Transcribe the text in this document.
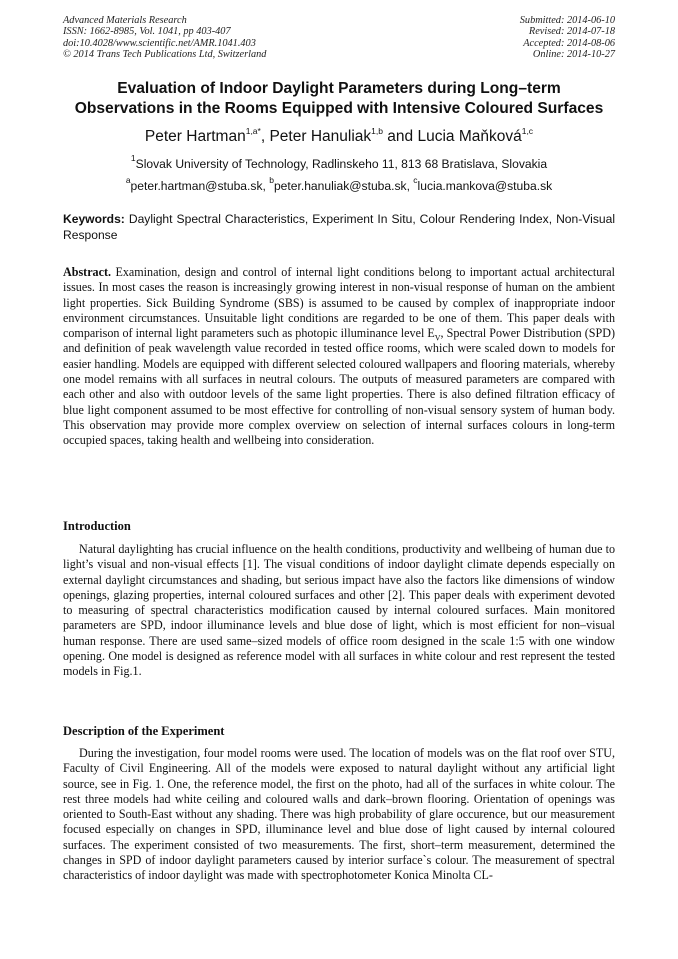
Advanced Materials Research
ISSN: 1662-8985, Vol. 1041, pp 403-407
doi:10.4028/www.scientific.net/AMR.1041.403
© 2014 Trans Tech Publications Ltd, Switzerland
Submitted: 2014-06-10
Revised: 2014-07-18
Accepted: 2014-08-06
Online: 2014-10-27
Evaluation of Indoor Daylight Parameters during Long–term
Observations in the Rooms Equipped with Intensive Coloured Surfaces
Peter Hartman$^{1,a*}$, Peter Hanuliak$^{1,b}$ and Lucia Maňková$^{1,c}$
$^1$Slovak University of Technology, Radlinskeho 11, 813 68 Bratislava, Slovakia
$^a$peter.hartman@stuba.sk, $^b$peter.hanuliak@stuba.sk, $^c$lucia.mankova@stuba.sk
Keywords: Daylight Spectral Characteristics, Experiment In Situ, Colour Rendering Index, Non-Visual Response
Abstract. Examination, design and control of internal light conditions belong to important actual architectural issues. In most cases the reason is increasingly growing interest in non-visual response of human on the ambient light properties. Sick Building Syndrome (SBS) is assumed to be caused by complex of inappropriate indoor environment circumstances. Unsuitable light conditions are regarded to be one of them. This paper deals with comparison of internal light parameters such as photopic illuminance level $E_V$, Spectral Power Distribution (SPD) and definition of peak wavelength value recorded in tested office rooms, which were scaled down to models for easier handling. Models are equipped with different selected coloured wallpapers and flooring materials, whereby one model remains with all surfaces in neutral colours. The outputs of measured parameters are compared with each other and also with outdoor levels of the same light properties. There is also defined filtration efficacy of blue light component assumed to be most effective for controlling of non-visual sensory system of human body. This observation may provide more complex overview on selection of internal surfaces colours in long-term occupied spaces, taking health and wellbeing into consideration.
Introduction
Natural daylighting has crucial influence on the health conditions, productivity and wellbeing of human due to light’s visual and non-visual effects [1]. The visual conditions of indoor daylight climate depends especially on external daylight circumstances and shading, but serious impact have also the factors like dimensions of window openings, glazing properties, internal coloured surfaces and other [2]. This paper deals with experiment devoted to measuring of spectral characteristics modification caused by internal coloured surfaces. Main monitored parameters are SPD, indoor illuminance levels and blue dose of light, which is most efficient for non–visual human response. There are used same–sized models of office room designed in the scale 1:5 with one window opening. One model is designed as reference model with all surfaces in white colour and rest represent the tested models in Fig.1.
Description of the Experiment
During the investigation, four model rooms were used. The location of models was on the flat roof over STU, Faculty of Civil Engineering. All of the models were exposed to natural daylight without any artificial light source, see in Fig. 1. One, the reference model, the first on the photo, had all of the surfaces in white colour. The rest three models had white ceiling and coloured walls and dark–brown flooring. Orientation of openings was oriented to South-East without any shading. There was high probability of glare occurence, but our measurement focused especially on changes in SPD, illuminance level and blue dose of light caused by internal coloured surfaces. The experiment consisted of two measurements. The first, short–term measurement, determined the changes in SPD of indoor daylight parameters caused by interior surface`s colour. The measurement of spectral characteristics of indoor daylight was made with spectrophotometer Konica Minolta CL-
